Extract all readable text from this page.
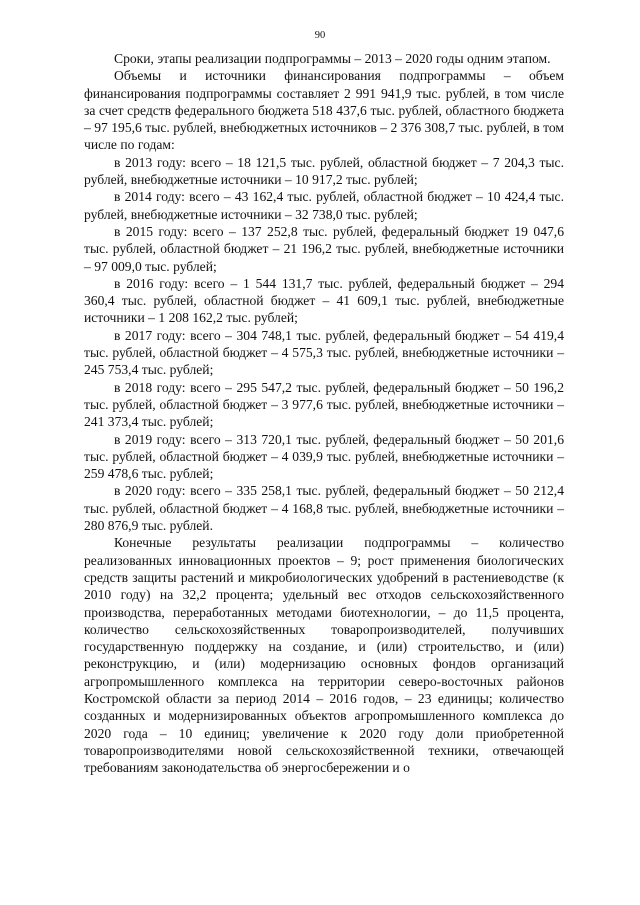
90

Сроки, этапы реализации подпрограммы – 2013 – 2020 годы одним этапом.

Объемы и источники финансирования подпрограммы – объем финансирования подпрограммы составляет 2 991 941,9 тыс. рублей, в том числе за счет средств федерального бюджета 518 437,6 тыс. рублей, областного бюджета – 97 195,6 тыс. рублей, внебюджетных источников – 2 376 308,7 тыс. рублей, в том числе по годам:

в 2013 году: всего – 18 121,5 тыс. рублей, областной бюджет – 7 204,3 тыс. рублей, внебюджетные источники – 10 917,2 тыс. рублей;

в 2014 году: всего – 43 162,4 тыс. рублей, областной бюджет – 10 424,4 тыс. рублей, внебюджетные источники – 32 738,0 тыс. рублей;

в 2015 году: всего – 137 252,8 тыс. рублей, федеральный бюджет 19 047,6 тыс. рублей, областной бюджет – 21 196,2 тыс. рублей, внебюджетные источники – 97 009,0 тыс. рублей;

в 2016 году: всего – 1 544 131,7 тыс. рублей, федеральный бюджет – 294 360,4 тыс. рублей, областной бюджет – 41 609,1 тыс. рублей, внебюджетные источники – 1 208 162,2 тыс. рублей;

в 2017 году: всего – 304 748,1 тыс. рублей, федеральный бюджет – 54 419,4 тыс. рублей, областной бюджет – 4 575,3 тыс. рублей, внебюджетные источники – 245 753,4 тыс. рублей;

в 2018 году: всего – 295 547,2 тыс. рублей, федеральный бюджет – 50 196,2 тыс. рублей, областной бюджет – 3 977,6 тыс. рублей, внебюджетные источники – 241 373,4 тыс. рублей;

в 2019 году: всего – 313 720,1 тыс. рублей, федеральный бюджет – 50 201,6 тыс. рублей, областной бюджет – 4 039,9 тыс. рублей, внебюджетные источники – 259 478,6 тыс. рублей;

в 2020 году: всего – 335 258,1 тыс. рублей, федеральный бюджет – 50 212,4 тыс. рублей, областной бюджет – 4 168,8 тыс. рублей, внебюджетные источники – 280 876,9 тыс. рублей.

Конечные результаты реализации подпрограммы – количество реализованных инновационных проектов – 9; рост применения биологических средств защиты растений и микробиологических удобрений в растениеводстве (к 2010 году) на 32,2 процента; удельный вес отходов сельскохозяйственного производства, переработанных методами биотехнологии, – до 11,5 процента, количество сельскохозяйственных товаропроизводителей, получивших государственную поддержку на создание, и (или) строительство, и (или) реконструкцию, и (или) модернизацию основных фондов организаций агропромышленного комплекса на территории северо-восточных районов Костромской области за период 2014 – 2016 годов, – 23 единицы; количество созданных и модернизированных объектов агропромышленного комплекса до 2020 года – 10 единиц; увеличение к 2020 году доли приобретенной товаропроизводителями новой сельскохозяйственной техники, отвечающей требованиям законодательства об энергосбережении и о
